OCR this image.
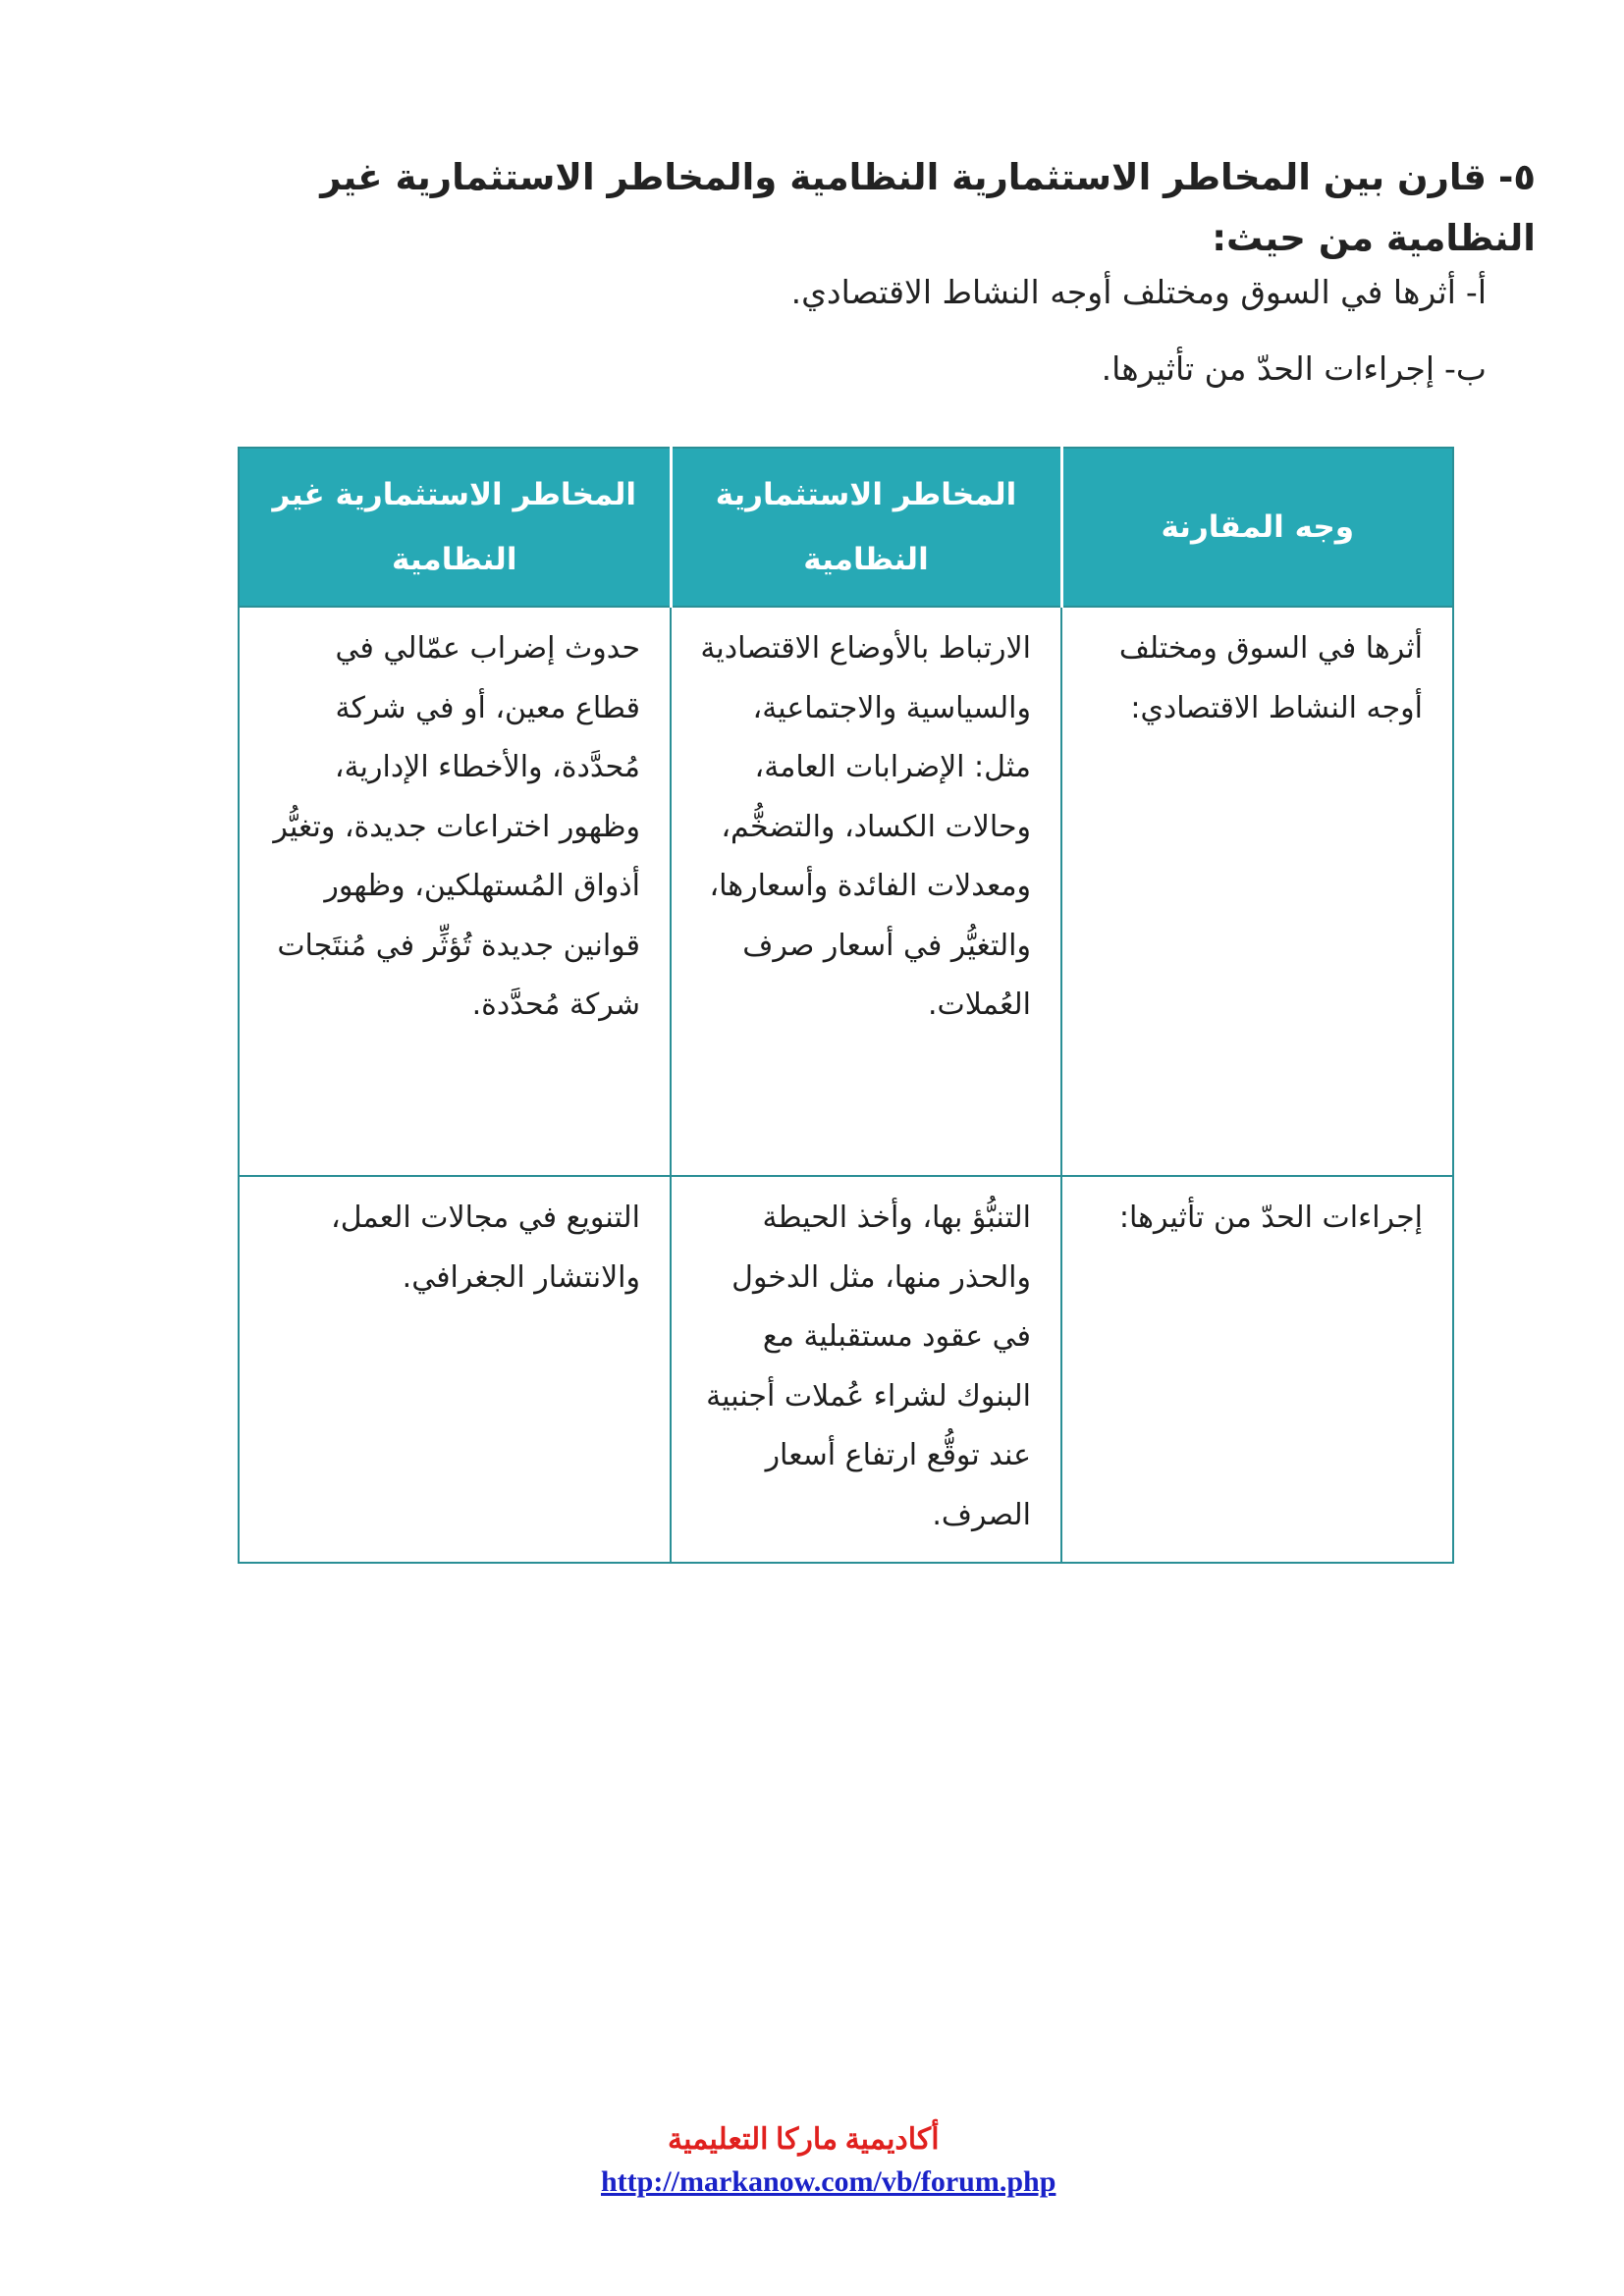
٥-قارن بين المخاطر الاستثمارية النظامية والمخاطر الاستثمارية غير النظامية من حيث:
أ-أثرها في السوق ومختلف أوجه النشاط الاقتصادي.
ب-إجراءات الحدّ من تأثيرها.
وجه المقارنة	المخاطر الاستثمارية النظامية	المخاطر الاستثمارية غير النظامية
أثرها في السوق ومختلف أوجه النشاط الاقتصادي:	الارتباط بالأوضاع الاقتصادية والسياسية والاجتماعية، مثل: الإضرابات العامة، وحالات الكساد، والتضخُّم، ومعدلات الفائدة وأسعارها، والتغيُّر في أسعار صرف العُملات.	حدوث إضراب عمّالي في قطاع معين، أو في شركة مُحدَّدة، والأخطاء الإدارية، وظهور اختراعات جديدة، وتغيُّر أذواق المُستهلكين، وظهور قوانين جديدة تُؤثِّر في مُنتَجات شركة مُحدَّدة.
إجراءات الحدّ من تأثيرها:	التنبُّؤ بها، وأخذ الحيطة والحذر منها، مثل الدخول في عقود مستقبلية مع البنوك لشراء عُملات أجنبية عند توقُّع ارتفاع أسعار الصرف.	التنويع في مجالات العمل، والانتشار الجغرافي.
أكاديمية ماركا التعليمية
http://markanow.com/vb/forum.php
